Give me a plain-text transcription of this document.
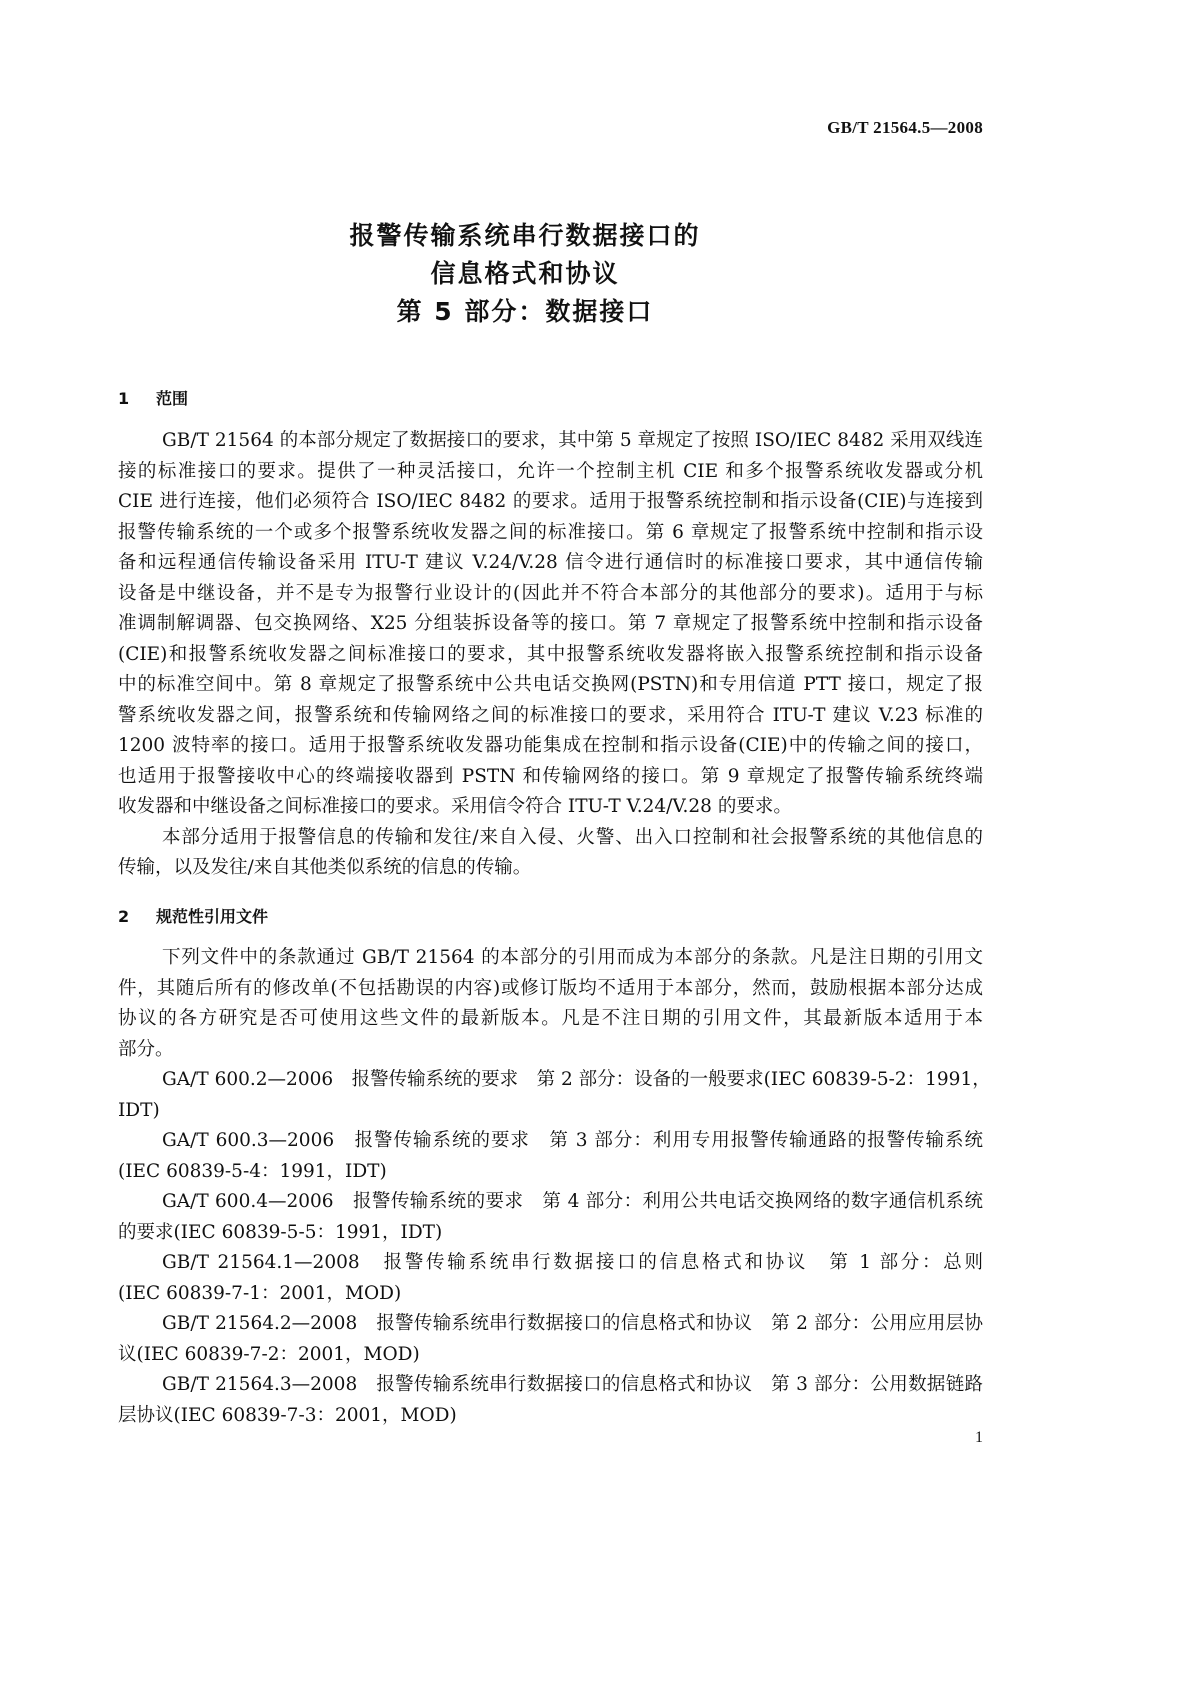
GB/T 21564.5—2008
报警传输系统串行数据接口的
信息格式和协议
第 5 部分：数据接口
1 范围
GB/T 21564 的本部分规定了数据接口的要求，其中第 5 章规定了按照 ISO/IEC 8482 采用双线连
接的标准接口的要求。提供了一种灵活接口，允许一个控制主机 CIE 和多个报警系统收发器或分机
CIE 进行连接，他们必须符合 ISO/IEC 8482 的要求。适用于报警系统控制和指示设备(CIE)与连接到
报警传输系统的一个或多个报警系统收发器之间的标准接口。第 6 章规定了报警系统中控制和指示设
备和远程通信传输设备采用 ITU-T 建议 V.24/V.28 信令进行通信时的标准接口要求，其中通信传输
设备是中继设备，并不是专为报警行业设计的(因此并不符合本部分的其他部分的要求)。适用于与标
准调制解调器、包交换网络、X25 分组装拆设备等的接口。第 7 章规定了报警系统中控制和指示设备
(CIE)和报警系统收发器之间标准接口的要求，其中报警系统收发器将嵌入报警系统控制和指示设备
中的标准空间中。第 8 章规定了报警系统中公共电话交换网(PSTN)和专用信道 PTT 接口，规定了报
警系统收发器之间，报警系统和传输网络之间的标准接口的要求，采用符合 ITU-T 建议 V.23 标准的
1200 波特率的接口。适用于报警系统收发器功能集成在控制和指示设备(CIE)中的传输之间的接口，
也适用于报警接收中心的终端接收器到 PSTN 和传输网络的接口。第 9 章规定了报警传输系统终端
收发器和中继设备之间标准接口的要求。采用信令符合 ITU-T V.24/V.28 的要求。
本部分适用于报警信息的传输和发往/来自入侵、火警、出入口控制和社会报警系统的其他信息的
传输，以及发往/来自其他类似系统的信息的传输。
2 规范性引用文件
下列文件中的条款通过 GB/T 21564 的本部分的引用而成为本部分的条款。凡是注日期的引用文
件，其随后所有的修改单(不包括勘误的内容)或修订版均不适用于本部分，然而，鼓励根据本部分达成
协议的各方研究是否可使用这些文件的最新版本。凡是不注日期的引用文件，其最新版本适用于本
部分。
GA/T 600.2—2006　报警传输系统的要求　第 2 部分：设备的一般要求(IEC 60839-5-2：1991，
IDT)
GA/T 600.3—2006　报警传输系统的要求　第 3 部分：利用专用报警传输通路的报警传输系统
(IEC 60839-5-4：1991，IDT)
GA/T 600.4—2006　报警传输系统的要求　第 4 部分：利用公共电话交换网络的数字通信机系统
的要求(IEC 60839-5-5：1991，IDT)
GB/T 21564.1—2008　报警传输系统串行数据接口的信息格式和协议　第 1 部分：总则
(IEC 60839-7-1：2001，MOD)
GB/T 21564.2—2008　报警传输系统串行数据接口的信息格式和协议　第 2 部分：公用应用层协
议(IEC 60839-7-2：2001，MOD)
GB/T 21564.3—2008　报警传输系统串行数据接口的信息格式和协议　第 3 部分：公用数据链路
层协议(IEC 60839-7-3：2001，MOD)
1
